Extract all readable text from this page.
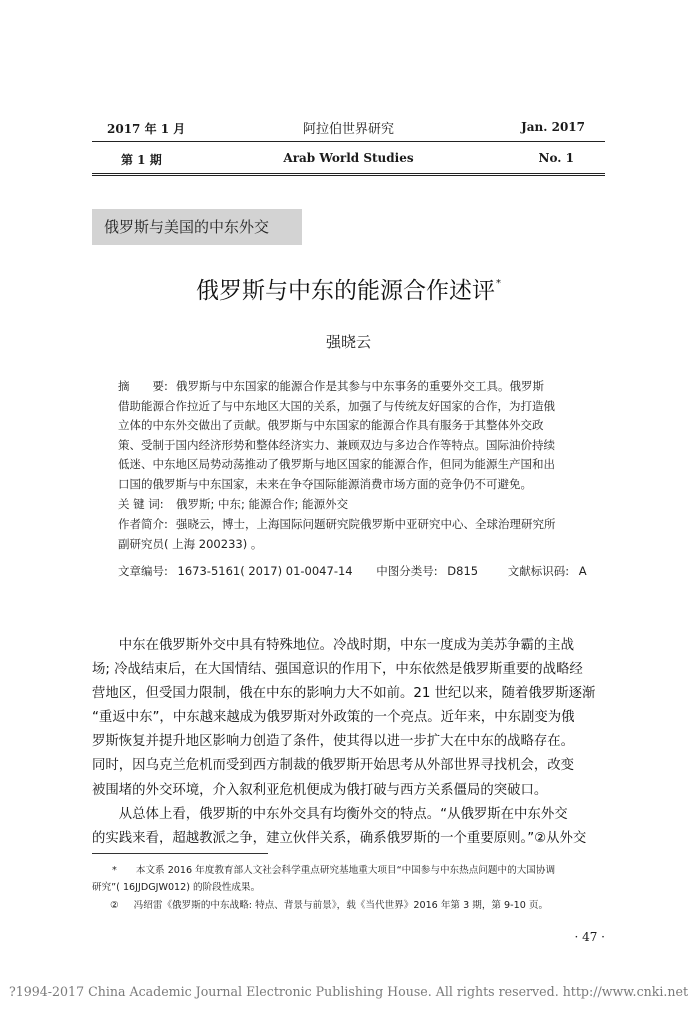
2017 年 1 月	阿拉伯世界研究	Jan. 2017
第 1 期	Arab World Studies	No. 1
俄罗斯与美国的中东外交
俄罗斯与中东的能源合作述评*
强晓云
摘　　要: 俄罗斯与中东国家的能源合作是其参与中东事务的重要外交工具。俄罗斯
借助能源合作拉近了与中东地区大国的关系，加强了与传统友好国家的合作，为打造俄
立体的中东外交做出了贡献。俄罗斯与中东国家的能源合作具有服务于其整体外交政
策、受制于国内经济形势和整体经济实力、兼顾双边与多边合作等特点。国际油价持续
低迷、中东地区局势动荡推动了俄罗斯与地区国家的能源合作，但同为能源生产国和出
口国的俄罗斯与中东国家，未来在争夺国际能源消费市场方面的竞争仍不可避免。
关 键 词: 俄罗斯; 中东; 能源合作; 能源外交
作者简介: 强晓云，博士，上海国际问题研究院俄罗斯中亚研究中心、全球治理研究所
副研究员( 上海 200233) 。
文章编号: 1673-5161( 2017) 01-0047-14 中图分类号: D815	文献标识码: A
　　中东在俄罗斯外交中具有特殊地位。冷战时期，中东一度成为美苏争霸的主战
场; 冷战结束后，在大国情结、强国意识的作用下，中东依然是俄罗斯重要的战略经
营地区，但受国力限制，俄在中东的影响力大不如前。21 世纪以来，随着俄罗斯逐渐
“重返中东”，中东越来越成为俄罗斯对外政策的一个亮点。近年来，中东剧变为俄
罗斯恢复并提升地区影响力创造了条件，使其得以进一步扩大在中东的战略存在。
同时，因乌克兰危机而受到西方制裁的俄罗斯开始思考从外部世界寻找机会，改变
被围堵的外交环境，介入叙利亚危机便成为俄打破与西方关系僵局的突破口。
　　从总体上看，俄罗斯的中东外交具有均衡外交的特点。“从俄罗斯在中东外交
的实践来看，超越教派之争，建立伙伴关系，确系俄罗斯的一个重要原则。”②从外交
* 本文系 2016 年度教育部人文社会科学重点研究基地重大项目“中国参与中东热点问题中的大国协调
研究”( 16JJDGJW012) 的阶段性成果。
② 冯绍雷《俄罗斯的中东战略: 特点、背景与前景》，载《当代世界》2016 年第 3 期，第 9-10 页。
· 47 ·
?1994-2017 China Academic Journal Electronic Publishing House. All rights reserved. http://www.cnki.net
